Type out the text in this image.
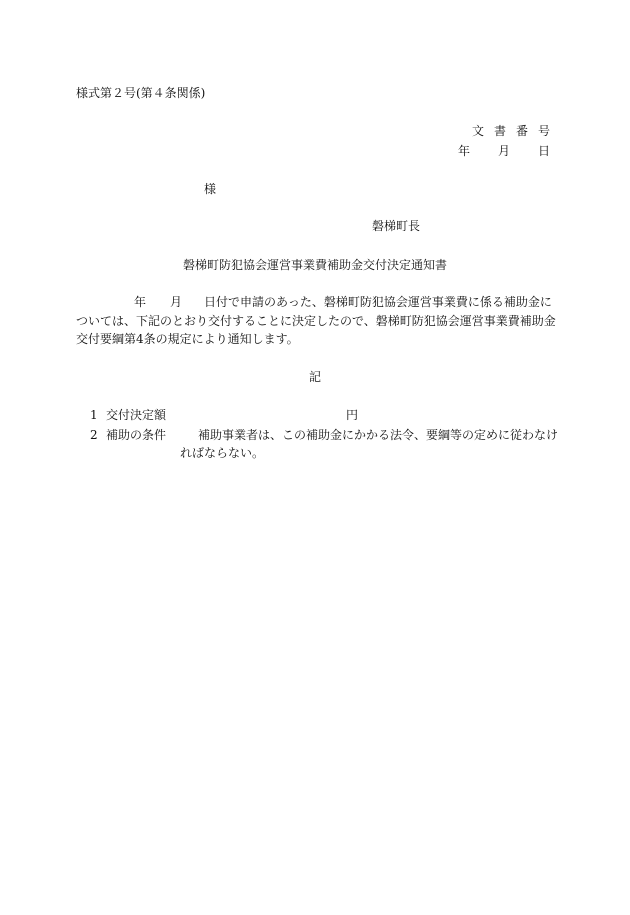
様式第２号(第４条関係)
文書番号
年 月 日
様
磐梯町長
磐梯町防犯協会運営事業費補助金交付決定通知書
年 月 日付で申請のあった、磐梯町防犯協会運営事業費に係る補助金に
ついては、下記のとおり交付することに決定したので、磐梯町防犯協会運営事業費補助金
交付要綱第4条の規定により通知します。
記
1 交付決定額	円
2 補助の条件	補助事業者は、この補助金にかかる法令、要綱等の定めに従わなけ
ればならない。
